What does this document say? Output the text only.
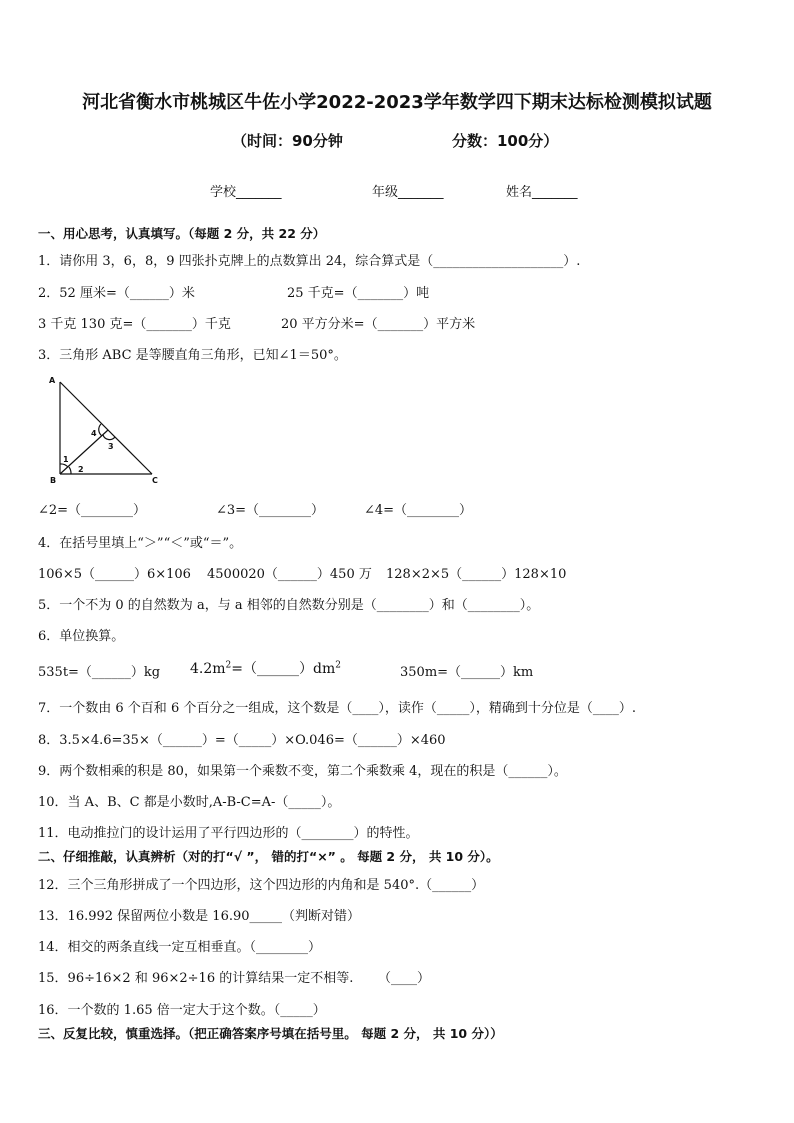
河北省衡水市桃城区牛佐小学2022-2023学年数学四下期末达标检测模拟试题
（时间：90分钟	分数：100分）
学校_______	年级_______	姓名_______
一、用心思考，认真填写。（每题 2 分，共 22 分）
1．请你用 3，6，8，9 四张扑克牌上的点数算出 24，综合算式是（____________________）.
2．52 厘米=（______）米	25 千克=（_______）吨
3 千克 130 克=（_______）千克	20 平方分米=（_______）平方米
3．三角形 ABC 是等腰直角三角形，已知∠1＝50°。
A
B	C
1
2
3
4
∠2=（________）	∠3=（________）	∠4=（________）
4．在括号里填上“＞”“＜”或“＝”。
106×5（______）6×106 4500020（______）450 万 128×2×5（______）128×10
5．一个不为 0 的自然数为 a，与 a 相邻的自然数分别是（________）和（________）。
6．单位换算。
535t=（______）kg $4.2m^2=(\_\_\_\_\_\_)dm^2$	350m=（______）km
7．一个数由 6 个百和 6 个百分之一组成，这个数是（____），读作（_____），精确到十分位是（____）.
8．3.5×4.6=35×（______）=（_____）×O.046=（______）×460
9．两个数相乘的积是 80，如果第一个乘数不变，第二个乘数乘 4，现在的积是（______）。
10．当 A、B、C 都是小数时,A-B-C=A-（_____）。
11．电动推拉门的设计运用了平行四边形的（________）的特性。
二、仔细推敲，认真辨析（对的打“√ ”， 错的打“×” 。 每题 2 分， 共 10 分）。
12．三个三角形拼成了一个四边形，这个四边形的内角和是 540°.（______）
13．16.992 保留两位小数是 16.90_____（判断对错）
14．相交的两条直线一定互相垂直。（________）
15．96÷16×2 和 96×2÷16 的计算结果一定不相等. （____）
16．一个数的 1.65 倍一定大于这个数。（_____）
三、反复比较，慎重选择。（把正确答案序号填在括号里。 每题 2 分， 共 10 分））
